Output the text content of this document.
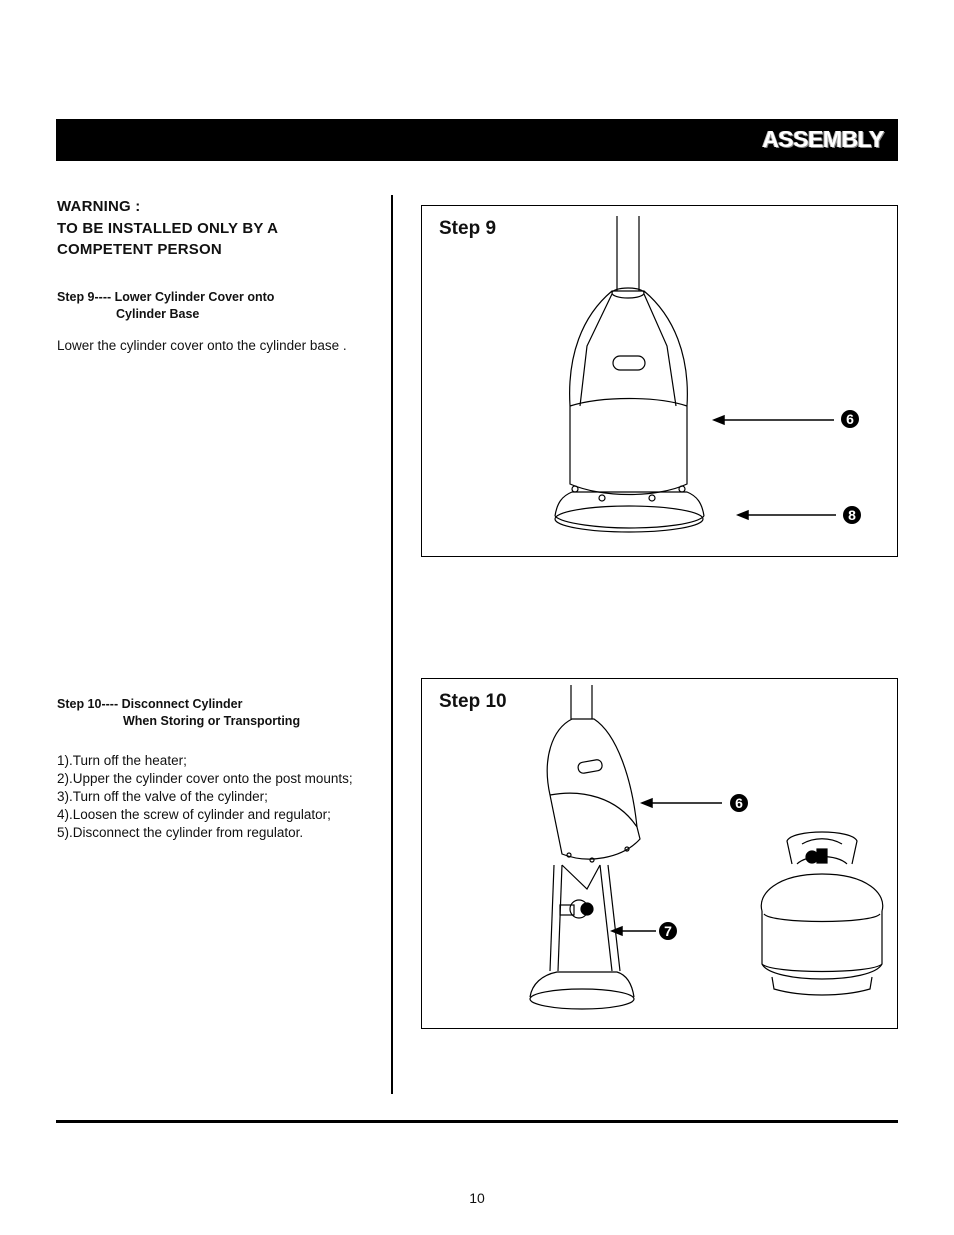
ASSEMBLY
WARNING :
TO BE INSTALLED ONLY BY A
COMPETENT PERSON
Step 9---- Lower Cylinder Cover onto
Cylinder Base
Lower the cylinder cover onto the cylinder base .
Step 10---- Disconnect Cylinder
When Storing or Transporting
1).Turn off the heater;
2).Upper the cylinder cover onto the post mounts;
3).Turn off the valve of the cylinder;
4).Loosen the screw of cylinder and regulator;
5).Disconnect the cylinder from regulator.
Step 9
6
8
Step 10
6
7
10
